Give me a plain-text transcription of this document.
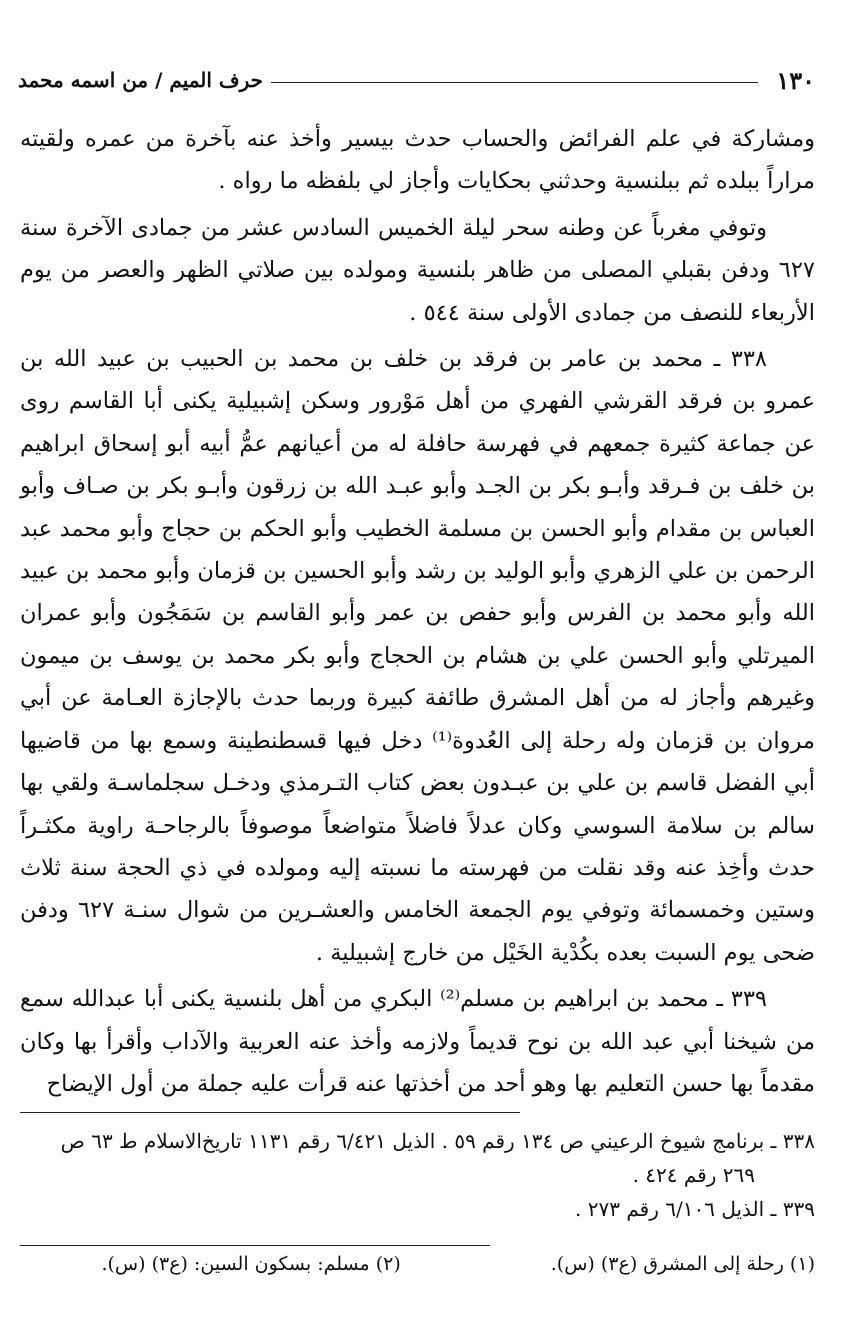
١٣٠
حرف الميم / من اسمه محمد

ومشاركة في علم الفرائض والحساب حدث بيسير وأخذ عنه بآخرة من عمره ولقيته مراراً ببلده ثم ببلنسية وحدثني بحكايات وأجاز لي بلفظه ما رواه .

وتوفي مغرباً عن وطنه سحر ليلة الخميس السادس عشر من جمادى الآخرة سنة ٦٢٧ ودفن بقبلي المصلى من ظاهر بلنسية ومولده بين صلاتي الظهر والعصر من يوم الأربعاء للنصف من جمادى الأولى سنة ٥٤٤ .

٣٣٨ ـ محمد بن عامر بن فرقد بن خلف بن محمد بن الحبيب بن عبيد الله بن عمرو بن فرقد القرشي الفهري من أهل مَوْرور وسكن إشبيلية يكنى أبا القاسم روى عن جماعة كثيرة جمعهم في فهرسة حافلة له من أعيانهم عمُّ أبيه أبو إسحاق ابراهيم بن خلف بن فـرقد وأبـو بكر بن الجـد وأبو عبـد الله بن زرقون وأبـو بكر بن صـاف وأبو العباس بن مقدام وأبو الحسن بن مسلمة الخطيب وأبو الحكم بن حجاج وأبو محمد عبد الرحمن بن علي الزهري وأبو الوليد بن رشد وأبو الحسين بن قزمان وأبو محمد بن عبيد الله وأبو محمد بن الفرس وأبو حفص بن عمر وأبو القاسم بن سَمَجُون وأبو عمران الميرتلي وأبو الحسن علي بن هشام بن الحجاج وأبو بكر محمد بن يوسف بن ميمون وغيرهم وأجاز له من أهل المشرق طائفة كبيرة وربما حدث بالإجازة العـامة عن أبي مروان بن قزمان وله رحلة إلى العُدوة⁽¹⁾ دخل فيها قسطنطينة وسمع بها من قاضيها أبي الفضل قاسم بن علي بن عبـدون بعض كتاب التـرمذي ودخـل سجلماسـة ولقي بها سالم بن سلامة السوسي وكان عدلاً فاضلاً متواضعاً موصوفاً بالرجاحـة راوية مكثـراً حدث وأخِذ عنه وقد نقلت من فهرسته ما نسبته إليه ومولده في ذي الحجة سنة ثلاث وستين وخمسمائة وتوفي يوم الجمعة الخامس والعشـرين من شوال سنـة ٦٢٧ ودفن ضحى يوم السبت بعده بكُدْية الخَيْل من خارج إشبيلية .

٣٣٩ ـ محمد بن ابراهيم بن مسلم⁽²⁾ البكري من أهل بلنسية يكنى أبا عبدالله سمع من شيخنا أبي عبد الله بن نوح قديماً ولازمه وأخذ عنه العربية والآداب وأقرأ بها وكان مقدماً بها حسن التعليم بها وهو أحد من أخذتها عنه قرأت عليه جملة من أول الإيضاح

٣٣٨ ـ برنامج شيوخ الرعيني ص ١٣٤ رقم ٥٩ . الذيل ٦/٤٢١ رقم ١١٣١ تاريخ‌الاسلام ط ٦٣ ص

٢٦٩ رقم ٤٢٤ .

٣٣٩ ـ الذيل ٦/١٠٦ رقم ٢٧٣ .

(١) رحلة إلى المشرق (ع٣) (س).
(٢) مسلم: بسكون السين: (ع٣) (س).
